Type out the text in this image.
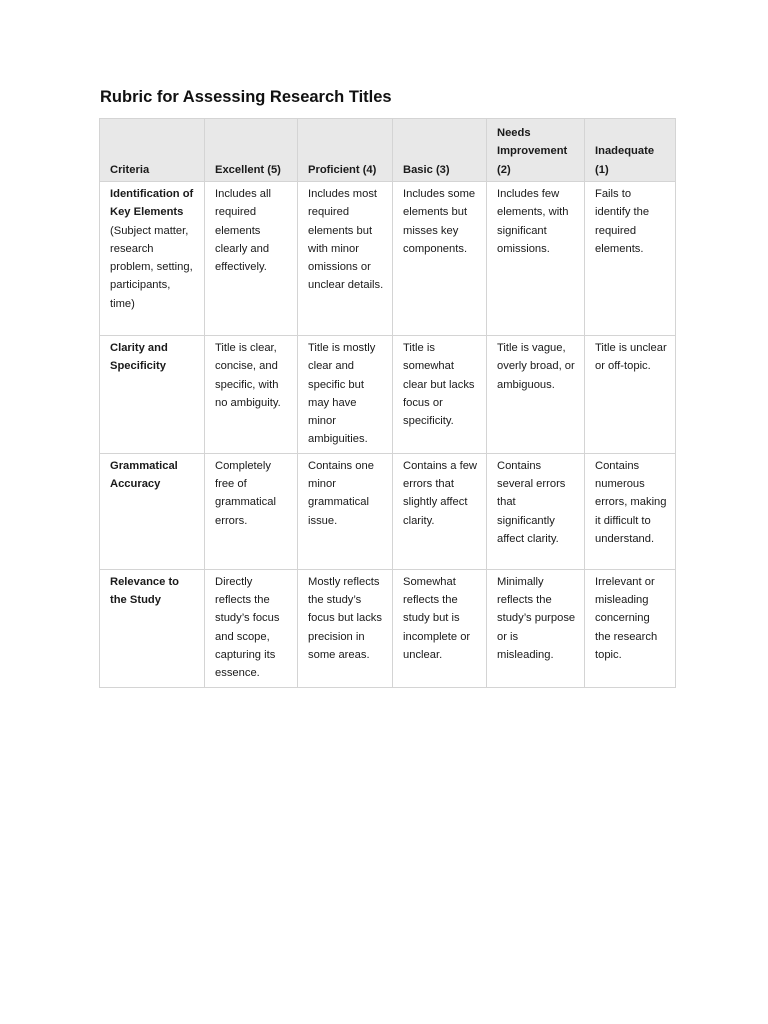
Rubric for Assessing Research Titles
Criteria	Excellent (5)	Proficient (4)	Basic (3)	Needs Improvement (2)	Inadequate (1)
Identification of Key Elements (Subject matter, research problem, setting, participants, time)	Includes all required elements clearly and effectively.	Includes most required elements but with minor omissions or unclear details.	Includes some elements but misses key components.	Includes few elements, with significant omissions.	Fails to identify the required elements.
Clarity and Specificity	Title is clear, concise, and specific, with no ambiguity.	Title is mostly clear and specific but may have minor ambiguities.	Title is somewhat clear but lacks focus or specificity.	Title is vague, overly broad, or ambiguous.	Title is unclear or off-topic.
Grammatical Accuracy	Completely free of grammatical errors.	Contains one minor grammatical issue.	Contains a few errors that slightly affect clarity.	Contains several errors that significantly affect clarity.	Contains numerous errors, making it difficult to understand.
Relevance to the Study	Directly reflects the study’s focus and scope, capturing its essence.	Mostly reflects the study’s focus but lacks precision in some areas.	Somewhat reflects the study but is incomplete or unclear.	Minimally reflects the study’s purpose or is misleading.	Irrelevant or misleading concerning the research topic.
